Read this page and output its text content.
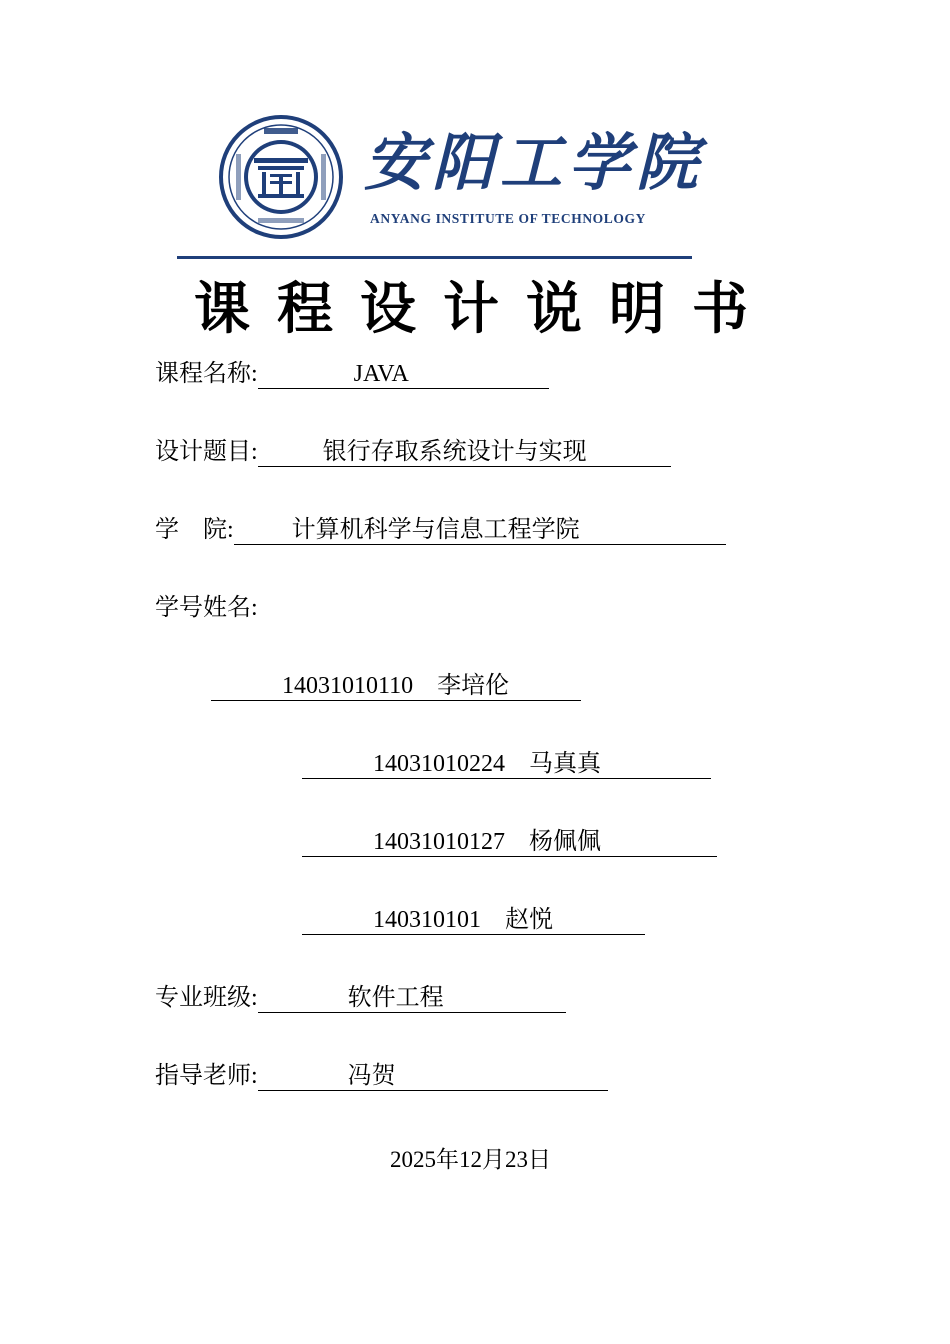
安阳工学院
ANYANG INSTITUTE OF TECHNOLOGY
课程设计说明书
课程名称:	JAVA
设计题目:	银行存取系统设计与实现
学　院: 计算机科学与信息工程学院
学号姓名:
14031010110　 李培伦
14031010224　 马真真
14031010127　 杨佩佩
140310101　 赵悦
专业班级:	软件工程
指导老师:	冯贺
2025年12月23日
